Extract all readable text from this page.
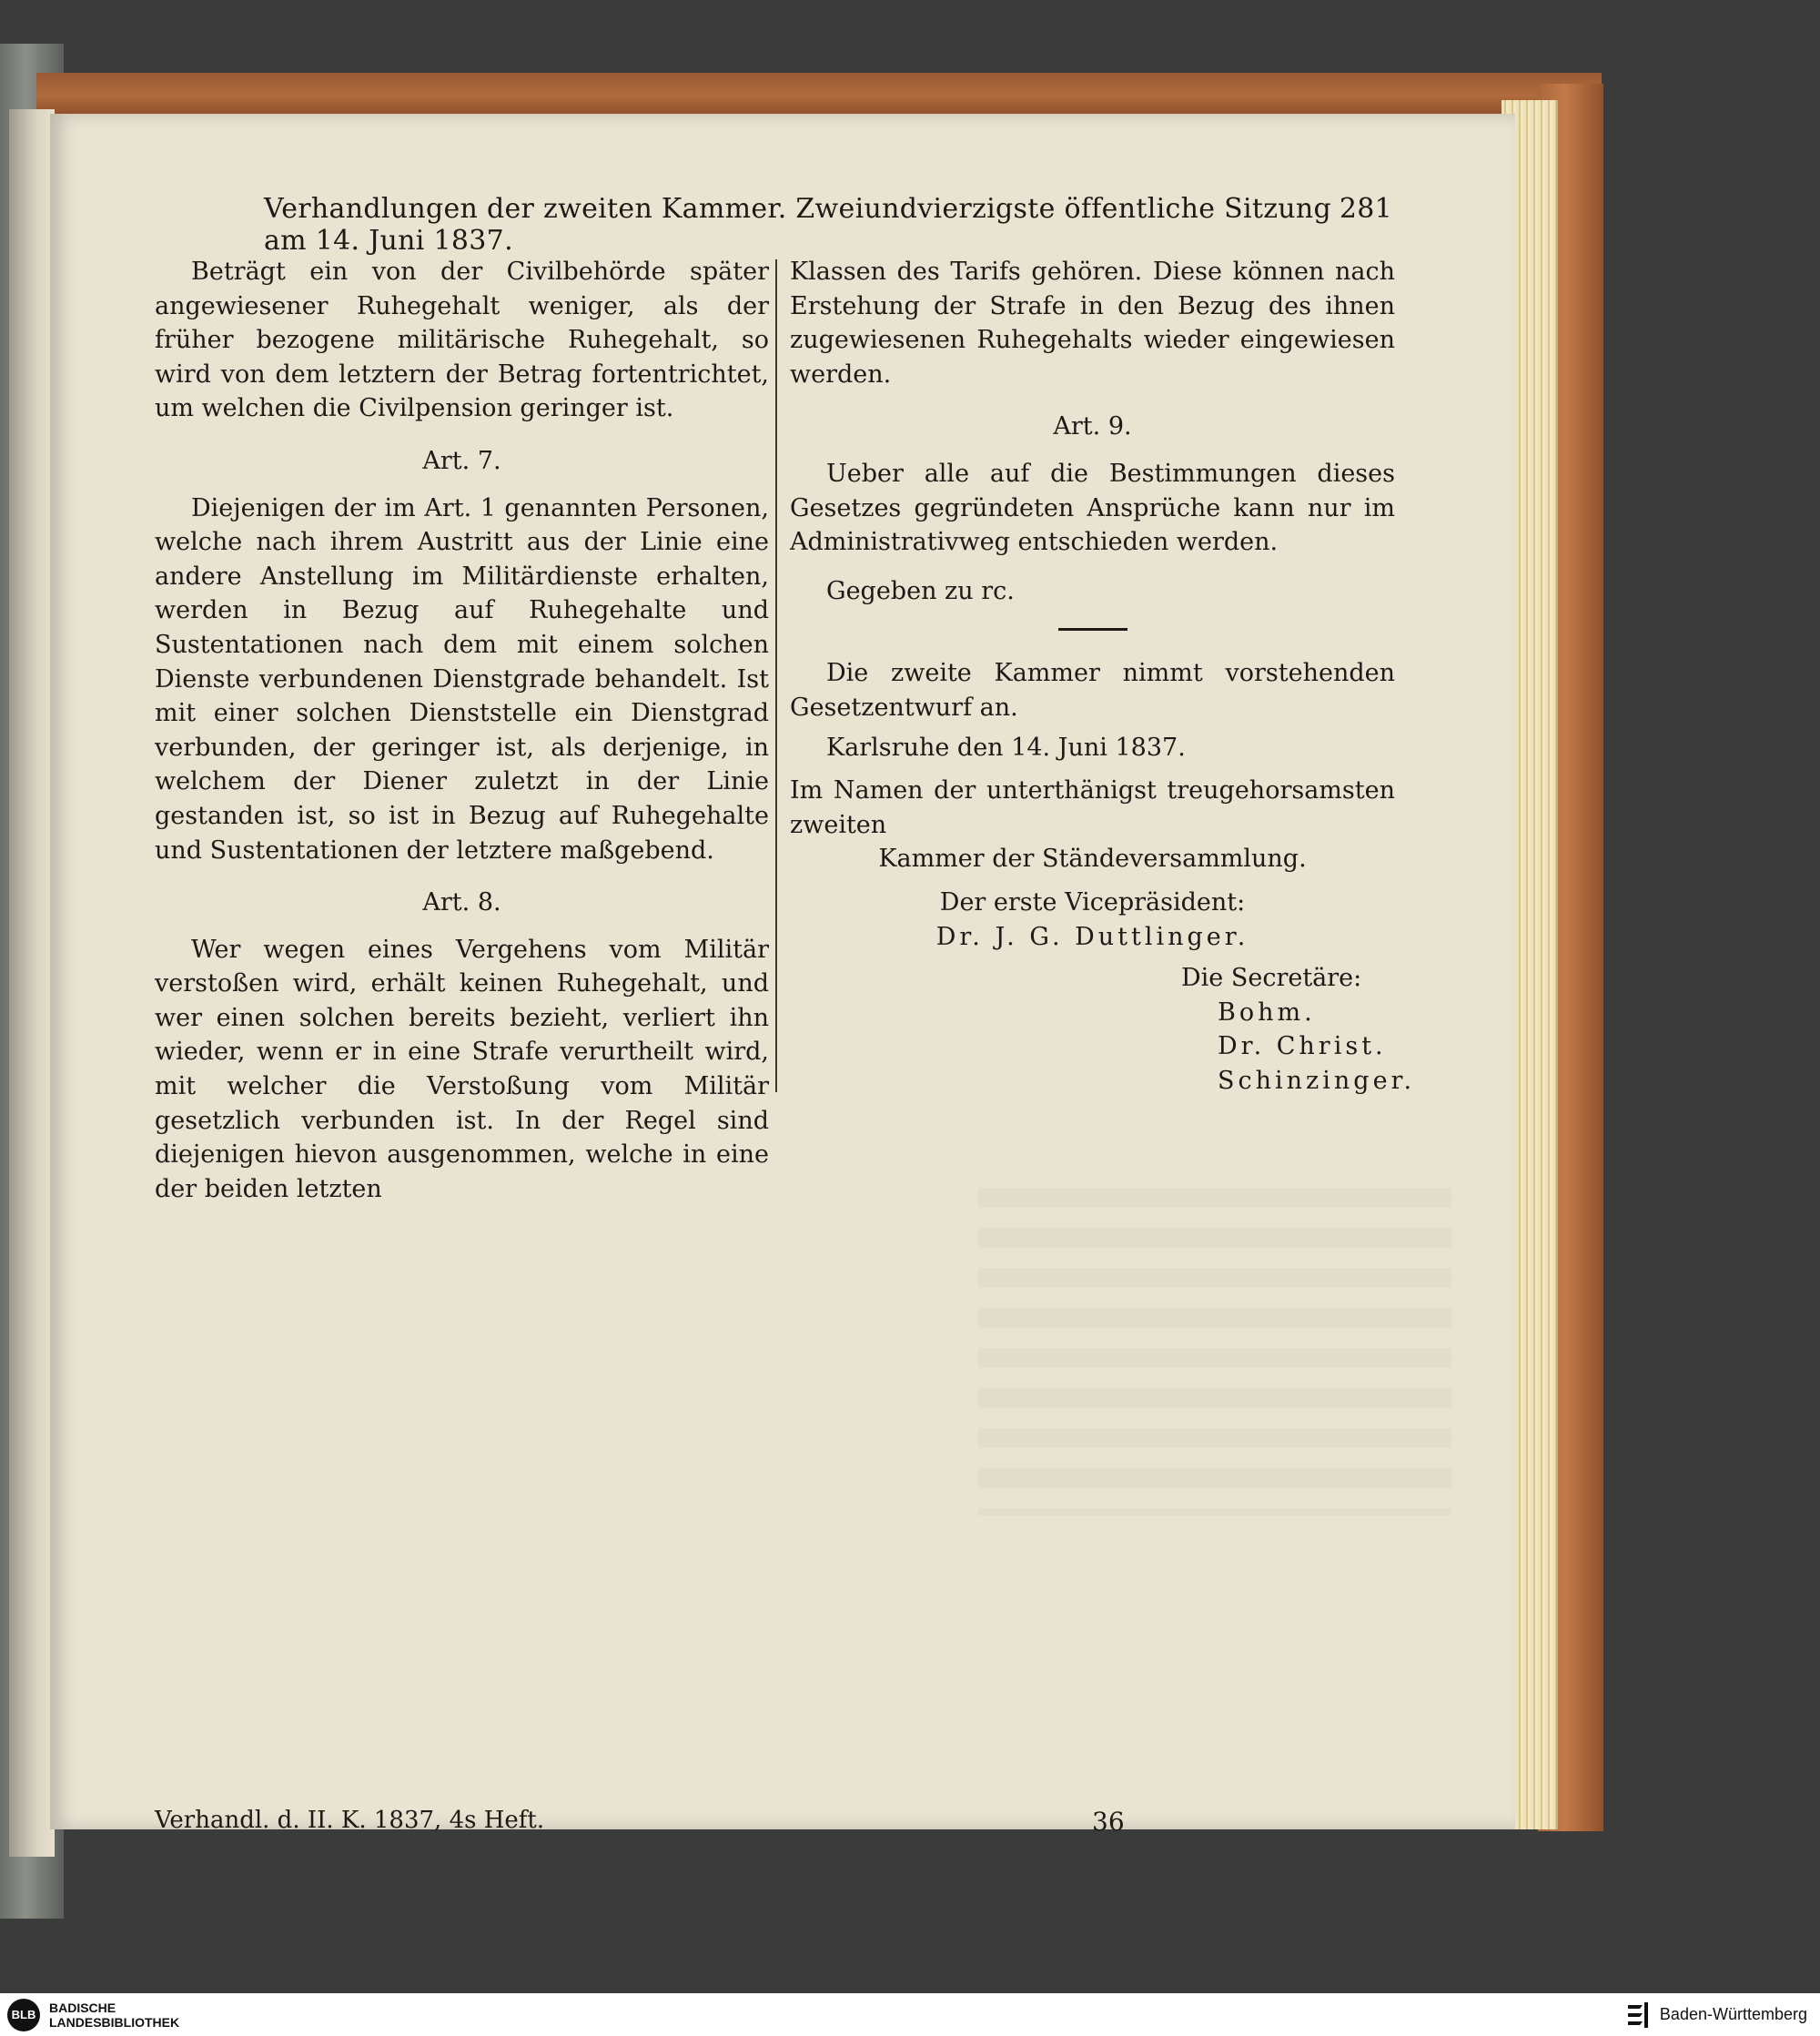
Verhandlungen der zweiten Kammer. Zweiundvierzigste öffentliche Sitzung am 14. Juni 1837.
281

Beträgt ein von der Civilbehörde später angewiesener Ruhegehalt weniger, als der früher bezogene militärische Ruhegehalt, so wird von dem letztern der Betrag fortentrichtet, um welchen die Civilpension geringer ist.

Art. 7.

Diejenigen der im Art. 1 genannten Personen, welche nach ihrem Austritt aus der Linie eine andere Anstellung im Militärdienste erhalten, werden in Bezug auf Ruhegehalte und Sustentationen nach dem mit einem solchen Dienste verbundenen Dienstgrade behandelt. Ist mit einer solchen Dienststelle ein Dienstgrad verbunden, der geringer ist, als derjenige, in welchem der Diener zuletzt in der Linie gestanden ist, so ist in Bezug auf Ruhegehalte und Sustentationen der letztere maßgebend.

Art. 8.

Wer wegen eines Vergehens vom Militär verstoßen wird, erhält keinen Ruhegehalt, und wer einen solchen bereits bezieht, verliert ihn wieder, wenn er in eine Strafe verurtheilt wird, mit welcher die Verstoßung vom Militär gesetzlich verbunden ist. In der Regel sind diejenigen hievon ausgenommen, welche in eine der beiden letzten

Klassen des Tarifs gehören. Diese können nach Erstehung der Strafe in den Bezug des ihnen zugewiesenen Ruhegehalts wieder eingewiesen werden.

Art. 9.

Ueber alle auf die Bestimmungen dieses Gesetzes gegründeten Ansprüche kann nur im Administrativweg entschieden werden.

Gegeben zu rc.

Die zweite Kammer nimmt vorstehenden Gesetzentwurf an.

Karlsruhe den 14. Juni 1837.

Im Namen der unterthänigst treugehorsamsten zweiten

Kammer der Ständeversammlung.

Der erste Vicepräsident:

Dr. J. G. Duttlinger.

Die Secretäre:

Bohm.

Dr. Christ.

Schinzinger.

Verhandl. d. II. K. 1837, 4s Heft.	36
BLB	BADISCHE
LANDESBIBLIOTHEK	Baden-Württemberg
